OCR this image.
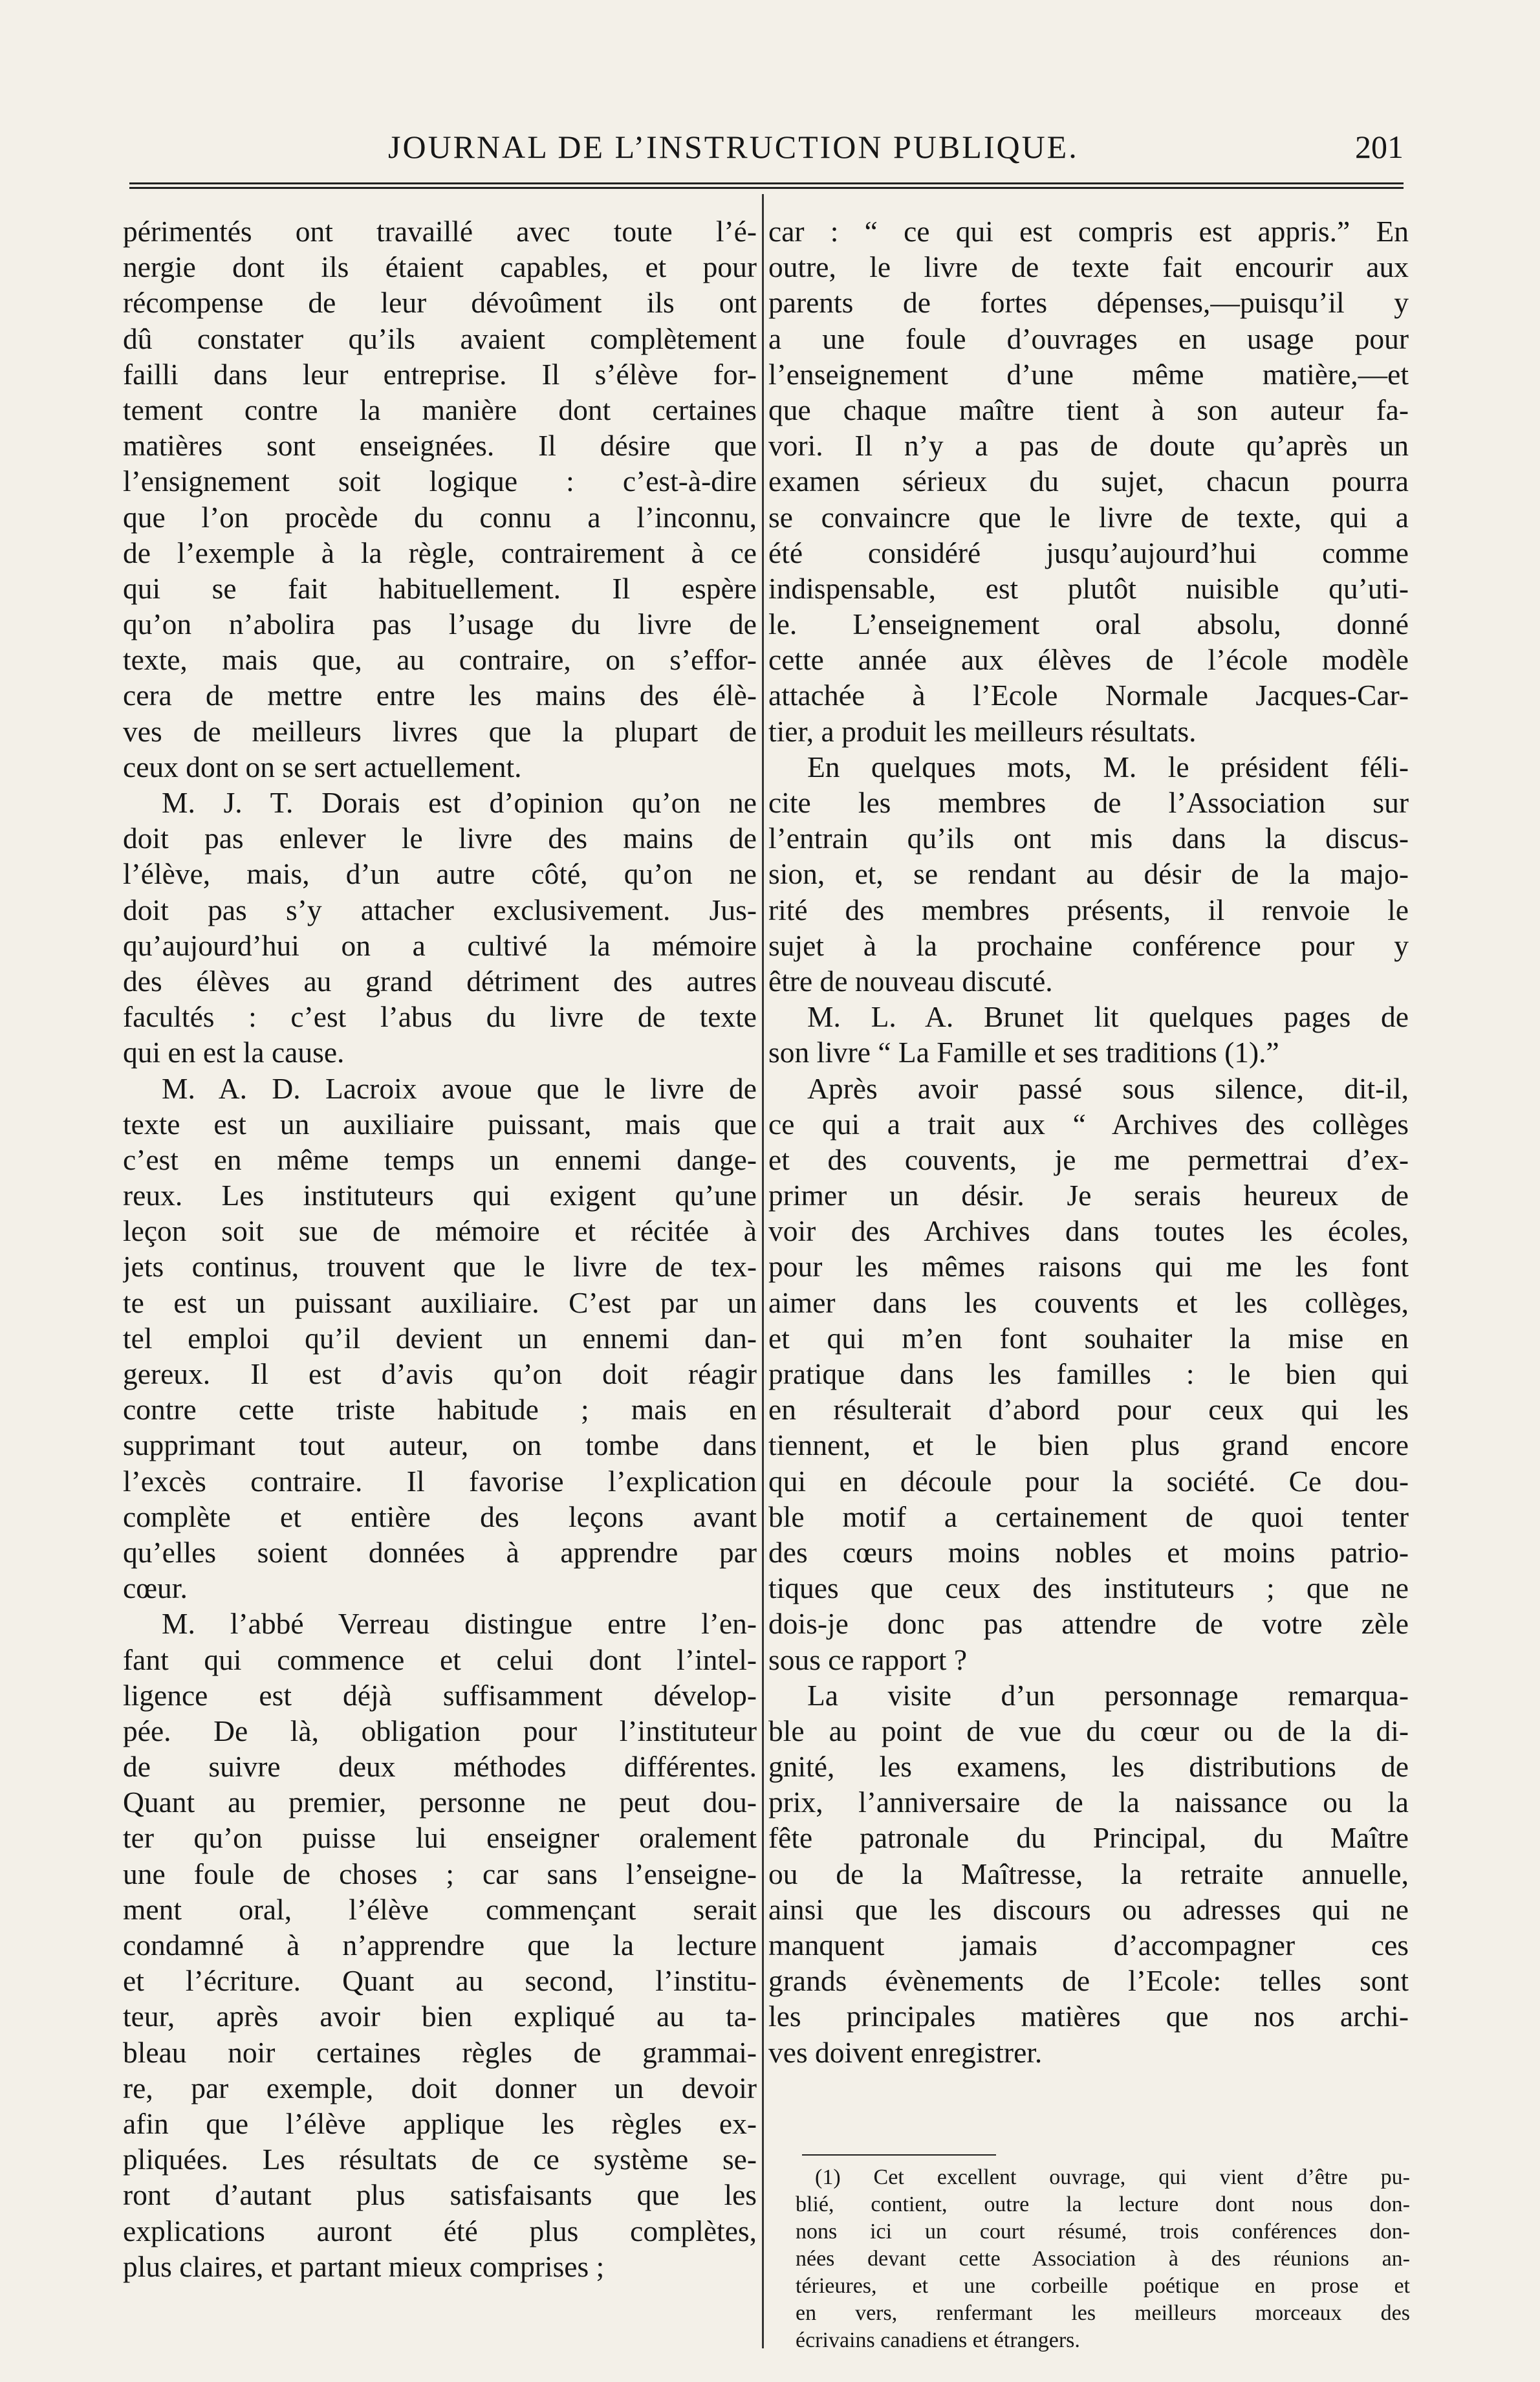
JOURNAL DE L’INSTRUCTION PUBLIQUE.	201

périmentés ont travaillé avec toute l’é-
nergie dont ils étaient capables, et pour
récompense de leur dévoûment ils ont
dû constater qu’ils avaient complètement
failli dans leur entreprise. Il s’élève for-
tement contre la manière dont certaines
matières sont enseignées. Il désire que
l’ensignement soit logique : c’est-à-dire
que l’on procède du connu a l’inconnu,
de l’exemple à la règle, contrairement à ce
qui se fait habituellement. Il espère
qu’on n’abolira pas l’usage du livre de
texte, mais que, au contraire, on s’effor-
cera de mettre entre les mains des élè-
ves de meilleurs livres que la plupart de
ceux dont on se sert actuellement.

M. J. T. Dorais est d’opinion qu’on ne
doit pas enlever le livre des mains de
l’élève, mais, d’un autre côté, qu’on ne
doit pas s’y attacher exclusivement. Jus-
qu’aujourd’hui on a cultivé la mémoire
des élèves au grand détriment des autres
facultés : c’est l’abus du livre de texte
qui en est la cause.

M. A. D. Lacroix avoue que le livre de
texte est un auxiliaire puissant, mais que
c’est en même temps un ennemi dange-
reux. Les instituteurs qui exigent qu’une
leçon soit sue de mémoire et récitée à
jets continus, trouvent que le livre de tex-
te est un puissant auxiliaire. C’est par un
tel emploi qu’il devient un ennemi dan-
gereux. Il est d’avis qu’on doit réagir
contre cette triste habitude ; mais en
supprimant tout auteur, on tombe dans
l’excès contraire. Il favorise l’explication
complète et entière des leçons avant
qu’elles soient données à apprendre par
cœur.

M. l’abbé Verreau distingue entre l’en-
fant qui commence et celui dont l’intel-
ligence est déjà suffisamment dévelop-
pée. De là, obligation pour l’instituteur
de suivre deux méthodes différentes.
Quant au premier, personne ne peut dou-
ter qu’on puisse lui enseigner oralement
une foule de choses ; car sans l’enseigne-
ment oral, l’élève commençant serait
condamné à n’apprendre que la lecture
et l’écriture. Quant au second, l’institu-
teur, après avoir bien expliqué au ta-
bleau noir certaines règles de grammai-
re, par exemple, doit donner un devoir
afin que l’élève applique les règles ex-
pliquées. Les résultats de ce système se-
ront d’autant plus satisfaisants que les
explications auront été plus complètes,
plus claires, et partant mieux comprises ;

car : “ ce qui est compris est appris.” En
outre, le livre de texte fait encourir aux
parents de fortes dépenses,—puisqu’il y
a une foule d’ouvrages en usage pour
l’enseignement d’une même matière,—et
que chaque maître tient à son auteur fa-
vori. Il n’y a pas de doute qu’après un
examen sérieux du sujet, chacun pourra
se convaincre que le livre de texte, qui a
été considéré jusqu’aujourd’hui comme
indispensable, est plutôt nuisible qu’uti-
le. L’enseignement oral absolu, donné
cette année aux élèves de l’école modèle
attachée à l’Ecole Normale Jacques-Car-
tier, a produit les meilleurs résultats.

En quelques mots, M. le président féli-
cite les membres de l’Association sur
l’entrain qu’ils ont mis dans la discus-
sion, et, se rendant au désir de la majo-
rité des membres présents, il renvoie le
sujet à la prochaine conférence pour y
être de nouveau discuté.

M. L. A. Brunet lit quelques pages de
son livre “ La Famille et ses traditions (1).”

Après avoir passé sous silence, dit-il,
ce qui a trait aux “ Archives des collèges
et des couvents, je me permettrai d’ex-
primer un désir. Je serais heureux de
voir des Archives dans toutes les écoles,
pour les mêmes raisons qui me les font
aimer dans les couvents et les collèges,
et qui m’en font souhaiter la mise en
pratique dans les familles : le bien qui
en résulterait d’abord pour ceux qui les
tiennent, et le bien plus grand encore
qui en découle pour la société. Ce dou-
ble motif a certainement de quoi tenter
des cœurs moins nobles et moins patrio-
tiques que ceux des instituteurs ; que ne
dois-je donc pas attendre de votre zèle
sous ce rapport ?

La visite d’un personnage remarqua-
ble au point de vue du cœur ou de la di-
gnité, les examens, les distributions de
prix, l’anniversaire de la naissance ou la
fête patronale du Principal, du Maître
ou de la Maîtresse, la retraite annuelle,
ainsi que les discours ou adresses qui ne
manquent jamais d’accompagner ces
grands évènements de l’Ecole: telles sont
les principales matières que nos archi-
ves doivent enregistrer.

(1) Cet excellent ouvrage, qui vient d’être pu-
blié, contient, outre la lecture dont nous don-
nons ici un court résumé, trois conférences don-
nées devant cette Association à des réunions an-
térieures, et une corbeille poétique en prose et
en vers, renfermant les meilleurs morceaux des
écrivains canadiens et étrangers.
